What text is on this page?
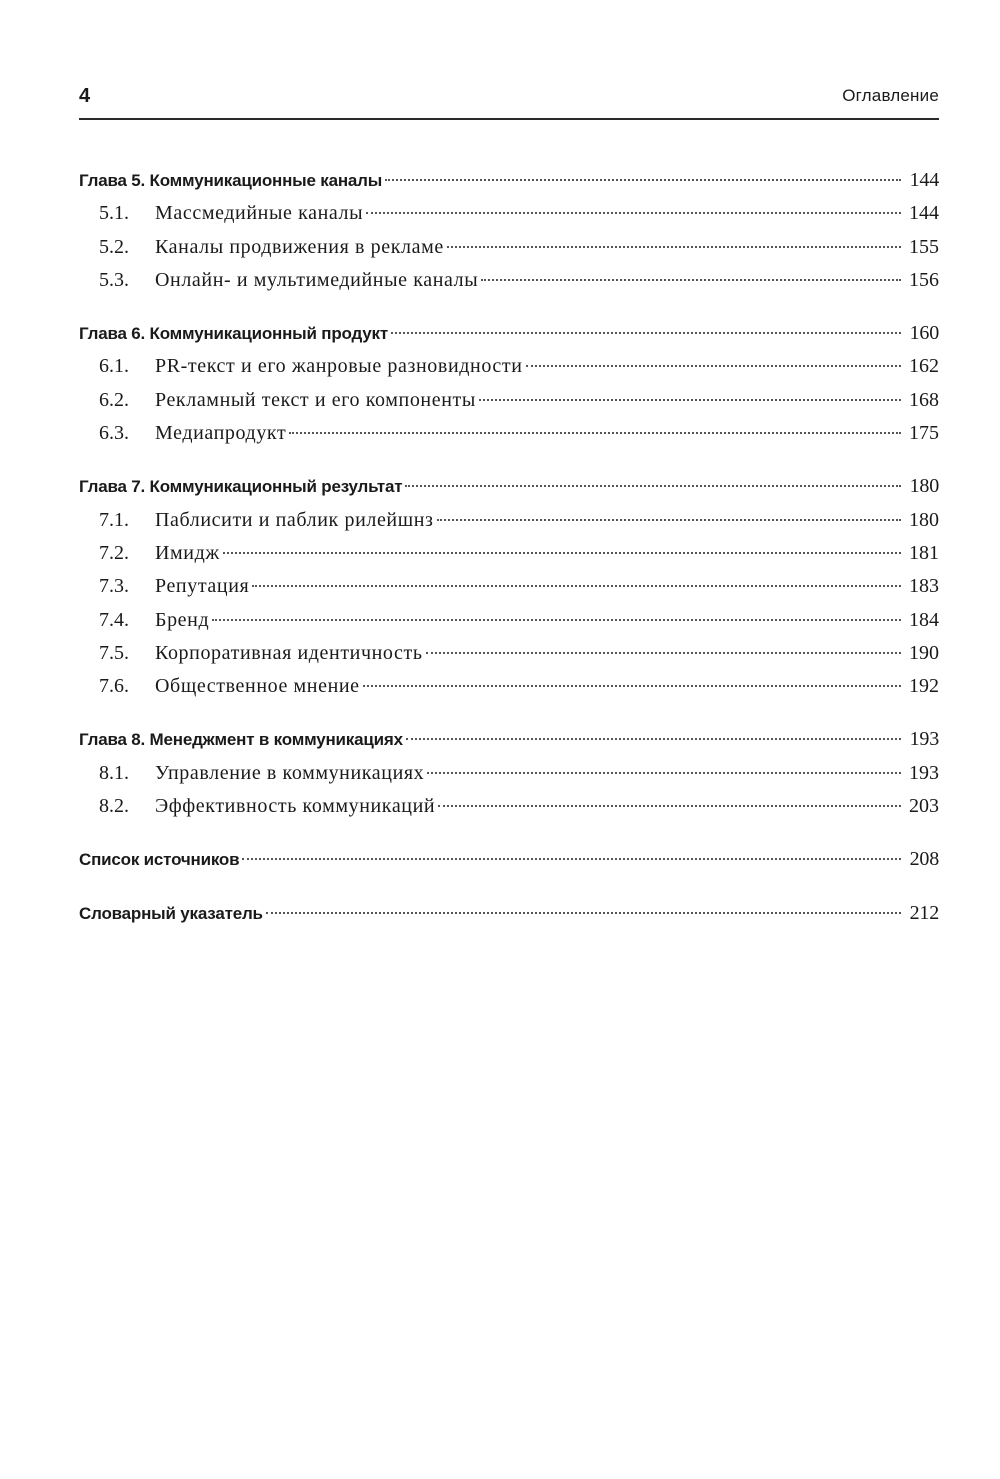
4	Оглавление
Глава 5. Коммуникационные каналы	144
5.1.	Массмедийные каналы	144
5.2.	Каналы продвижения в рекламе	155
5.3.	Онлайн- и мультимедийные каналы	156
Глава 6. Коммуникационный продукт	160
6.1.	PR-текст и его жанровые разновидности	162
6.2.	Рекламный текст и его компоненты	168
6.3.	Медиапродукт	175
Глава 7. Коммуникационный результат	180
7.1.	Паблисити и паблик рилейшнз	180
7.2.	Имидж	181
7.3.	Репутация	183
7.4.	Бренд	184
7.5.	Корпоративная идентичность	190
7.6.	Общественное мнение	192
Глава 8. Менеджмент в коммуникациях	193
8.1.	Управление в коммуникациях	193
8.2.	Эффективность коммуникаций	203
Список источников	208
Словарный указатель	212
